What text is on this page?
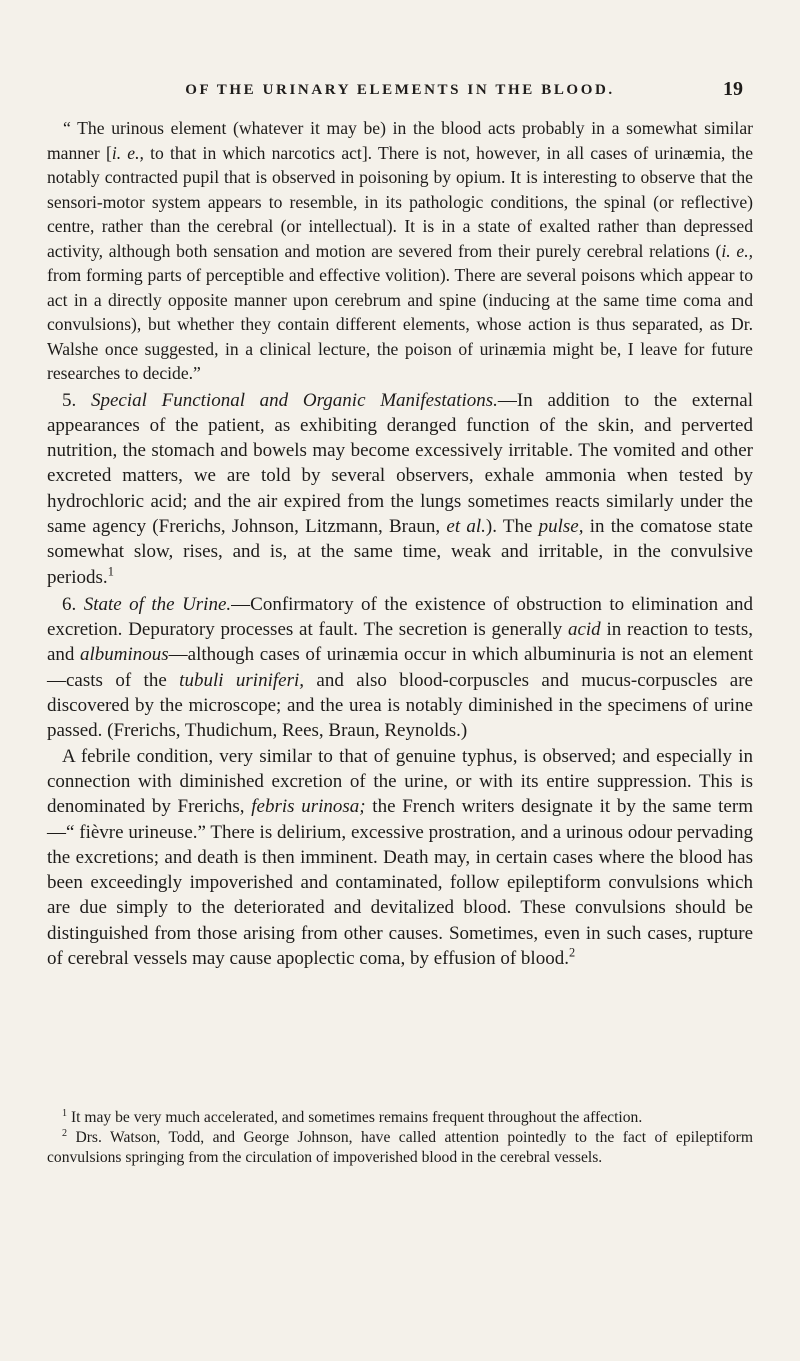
OF THE URINARY ELEMENTS IN THE BLOOD.	19

“ The urinous element (whatever it may be) in the blood acts probably in a somewhat similar manner [i. e., to that in which narcotics act]. There is not, however, in all cases of urinæmia, the notably contracted pupil that is observed in poisoning by opium. It is interesting to observe that the sensori-motor system appears to resemble, in its pathologic conditions, the spinal (or reflective) centre, rather than the cerebral (or intellectual). It is in a state of exalted rather than depressed activity, although both sensation and motion are severed from their purely cerebral relations (i. e., from forming parts of perceptible and effective volition). There are several poisons which appear to act in a directly opposite manner upon cerebrum and spine (inducing at the same time coma and convulsions), but whether they contain different elements, whose action is thus separated, as Dr. Walshe once suggested, in a clinical lecture, the poison of urinæmia might be, I leave for future researches to decide.”

5. Special Functional and Organic Manifestations.—In addition to the external appearances of the patient, as exhibiting deranged function of the skin, and perverted nutrition, the stomach and bowels may become excessively irritable. The vomited and other excreted matters, we are told by several observers, exhale ammonia when tested by hydrochloric acid; and the air expired from the lungs sometimes reacts similarly under the same agency (Frerichs, Johnson, Litzmann, Braun, et al.). The pulse, in the comatose state somewhat slow, rises, and is, at the same time, weak and irritable, in the convulsive periods.$^1$

6. State of the Urine.—Confirmatory of the existence of obstruction to elimination and excretion. Depuratory processes at fault. The secretion is generally acid in reaction to tests, and albuminous—although cases of urinæmia occur in which albuminuria is not an element—casts of the tubuli uriniferi, and also blood-corpuscles and mucus-corpuscles are discovered by the microscope; and the urea is notably diminished in the specimens of urine passed. (Frerichs, Thudichum, Rees, Braun, Reynolds.)

A febrile condition, very similar to that of genuine typhus, is observed; and especially in connection with diminished excretion of the urine, or with its entire suppression. This is denominated by Frerichs, febris urinosa; the French writers designate it by the same term—“ fièvre urineuse.” There is delirium, excessive prostration, and a urinous odour pervading the excretions; and death is then imminent. Death may, in certain cases where the blood has been exceedingly impoverished and contaminated, follow epileptiform convulsions which are due simply to the deteriorated and devitalized blood. These convulsions should be distinguished from those arising from other causes. Sometimes, even in such cases, rupture of cerebral vessels may cause apoplectic coma, by effusion of blood.$^2$

$^1$ It may be very much accelerated, and sometimes remains frequent throughout the affection.

$^2$ Drs. Watson, Todd, and George Johnson, have called attention pointedly to the fact of epileptiform convulsions springing from the circulation of impoverished blood in the cerebral vessels.
